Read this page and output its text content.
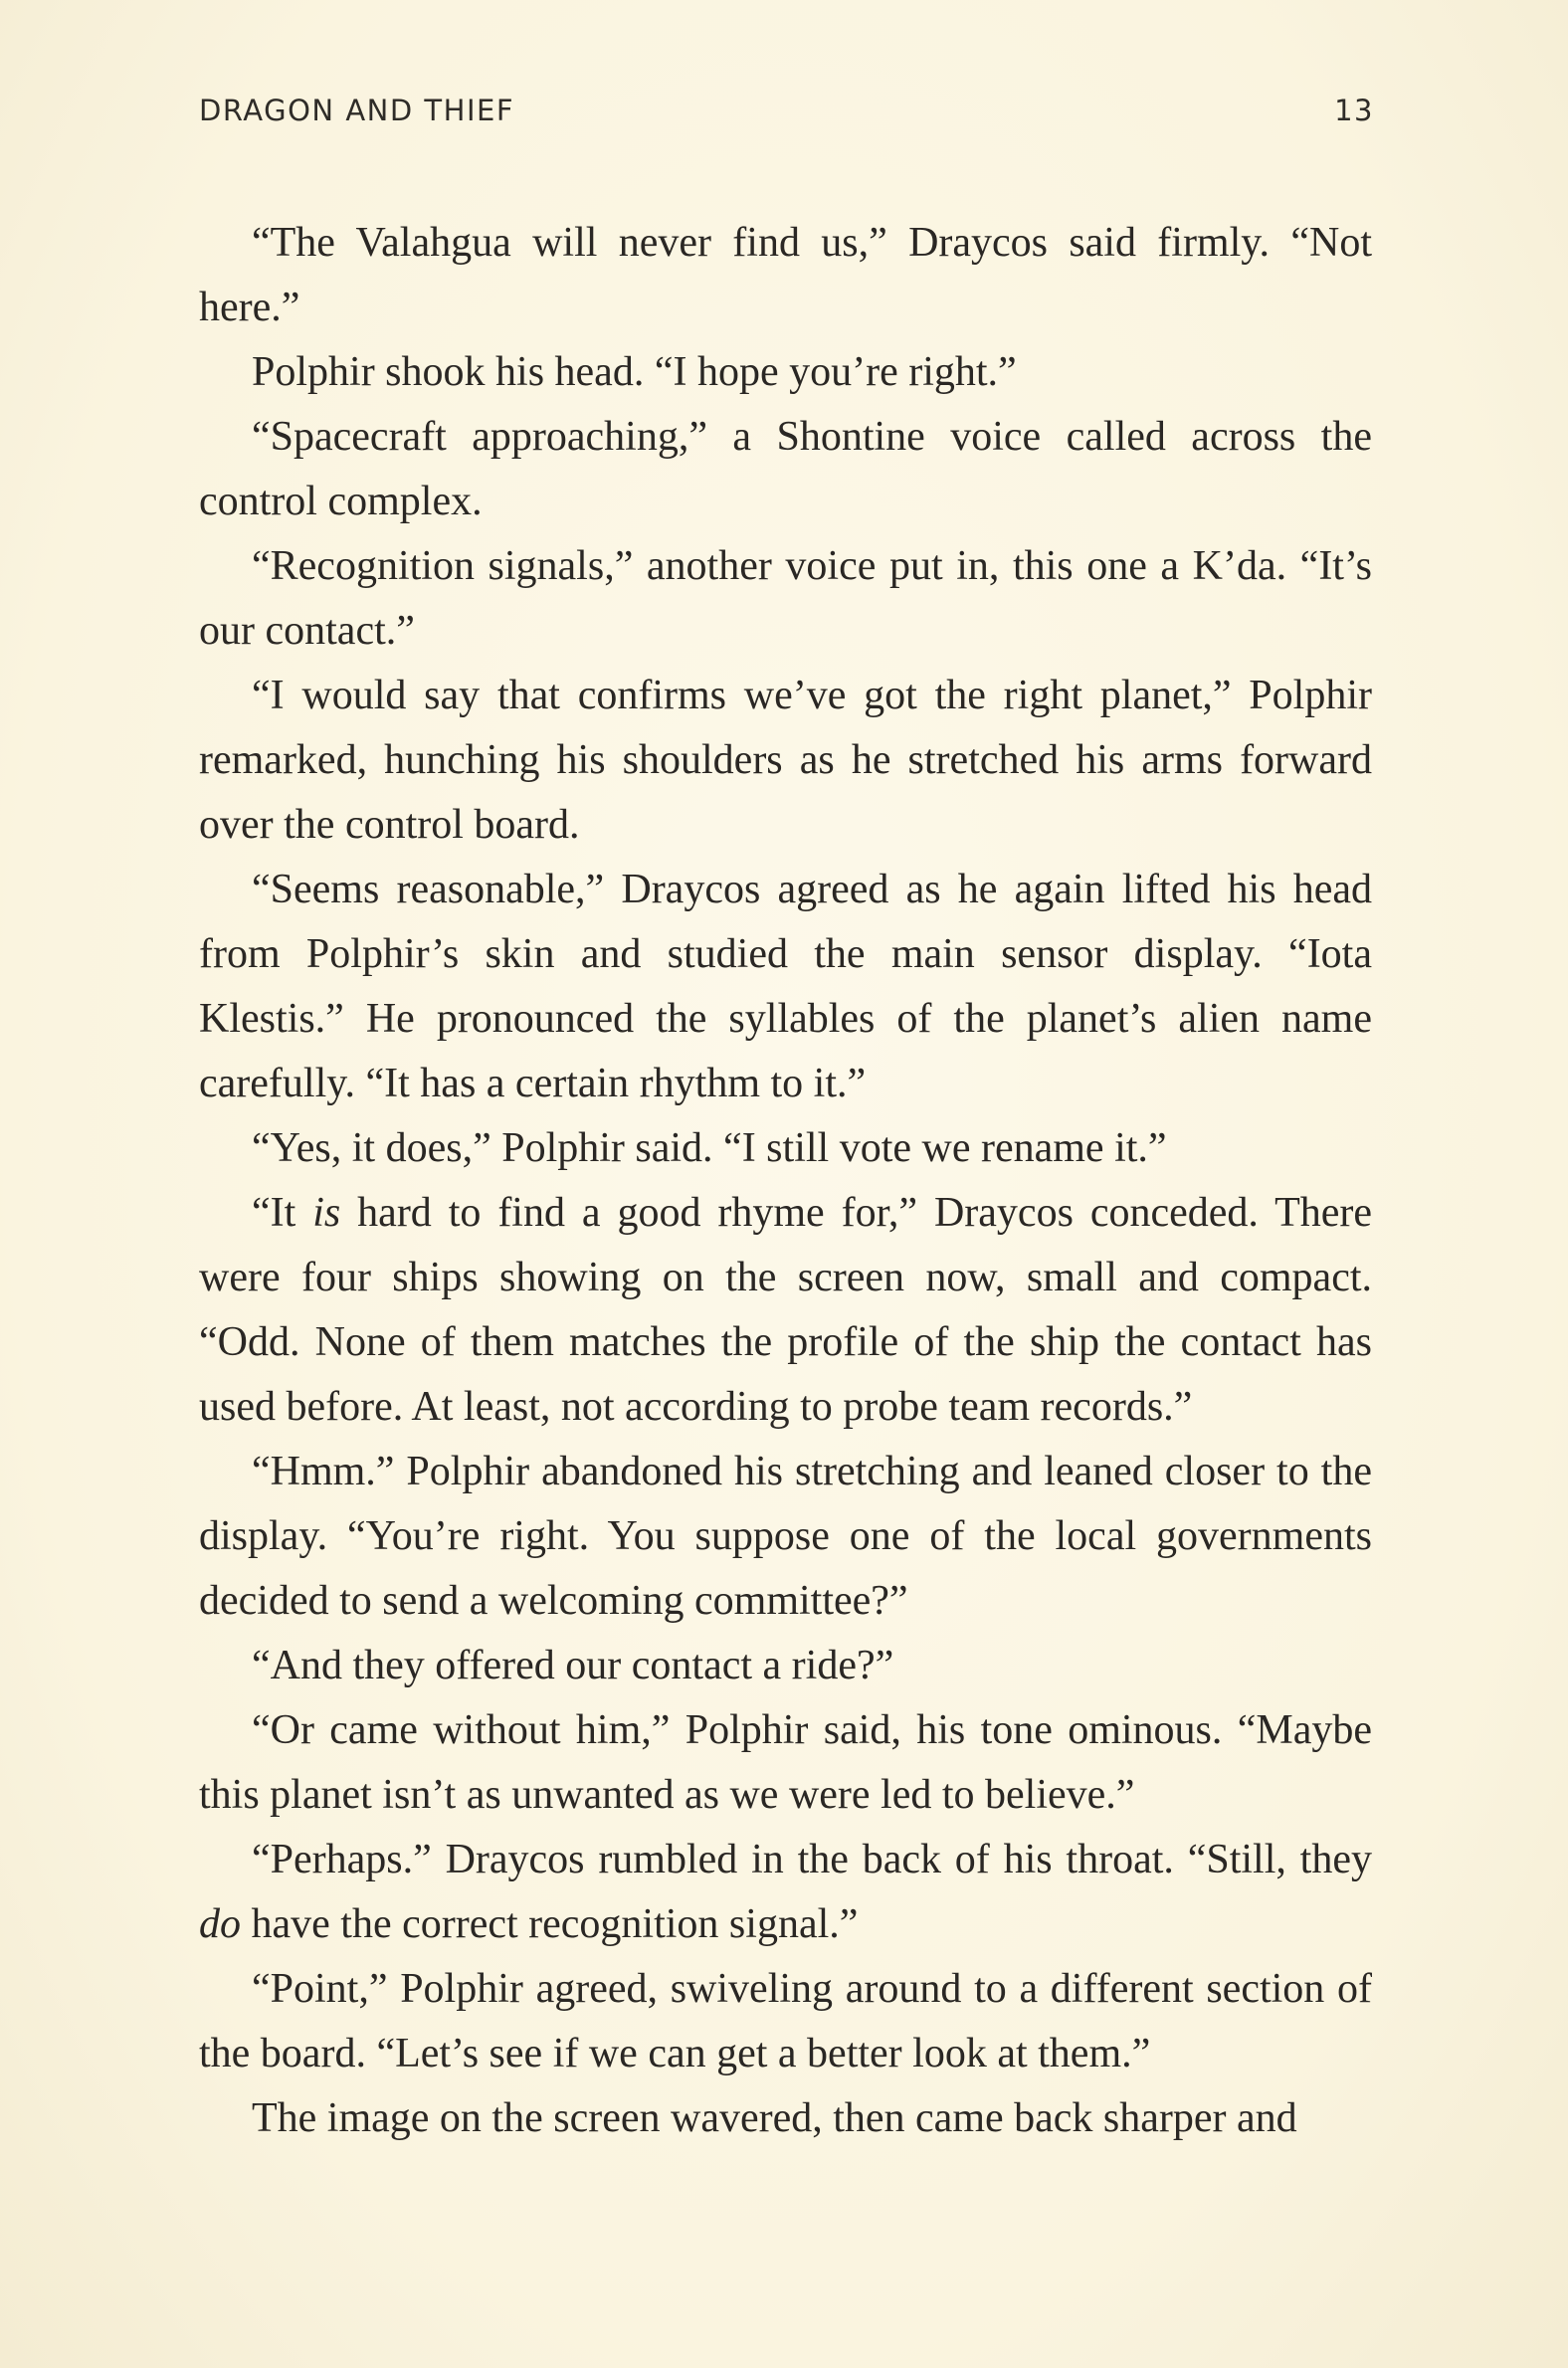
DRAGON AND THIEF	13

“The Valahgua will never find us,” Draycos said firmly. “Not here.”

Polphir shook his head. “I hope you’re right.”

“Spacecraft approaching,” a Shontine voice called across the control complex.

“Recognition signals,” another voice put in, this one a K’da. “It’s our contact.”

“I would say that confirms we’ve got the right planet,” Polphir remarked, hunching his shoulders as he stretched his arms forward over the control board.

“Seems reasonable,” Draycos agreed as he again lifted his head from Polphir’s skin and studied the main sensor display. “Iota Klestis.” He pronounced the syllables of the planet’s alien name carefully. “It has a certain rhythm to it.”

“Yes, it does,” Polphir said. “I still vote we rename it.”

“It is hard to find a good rhyme for,” Draycos conceded. There were four ships showing on the screen now, small and compact. “Odd. None of them matches the profile of the ship the contact has used before. At least, not according to probe team records.”

“Hmm.” Polphir abandoned his stretching and leaned closer to the display. “You’re right. You suppose one of the local governments decided to send a welcoming committee?”

“And they offered our contact a ride?”

“Or came without him,” Polphir said, his tone ominous. “Maybe this planet isn’t as unwanted as we were led to believe.”

“Perhaps.” Draycos rumbled in the back of his throat. “Still, they do have the correct recognition signal.”

“Point,” Polphir agreed, swiveling around to a different section of the board. “Let’s see if we can get a better look at them.”

The image on the screen wavered, then came back sharper and
